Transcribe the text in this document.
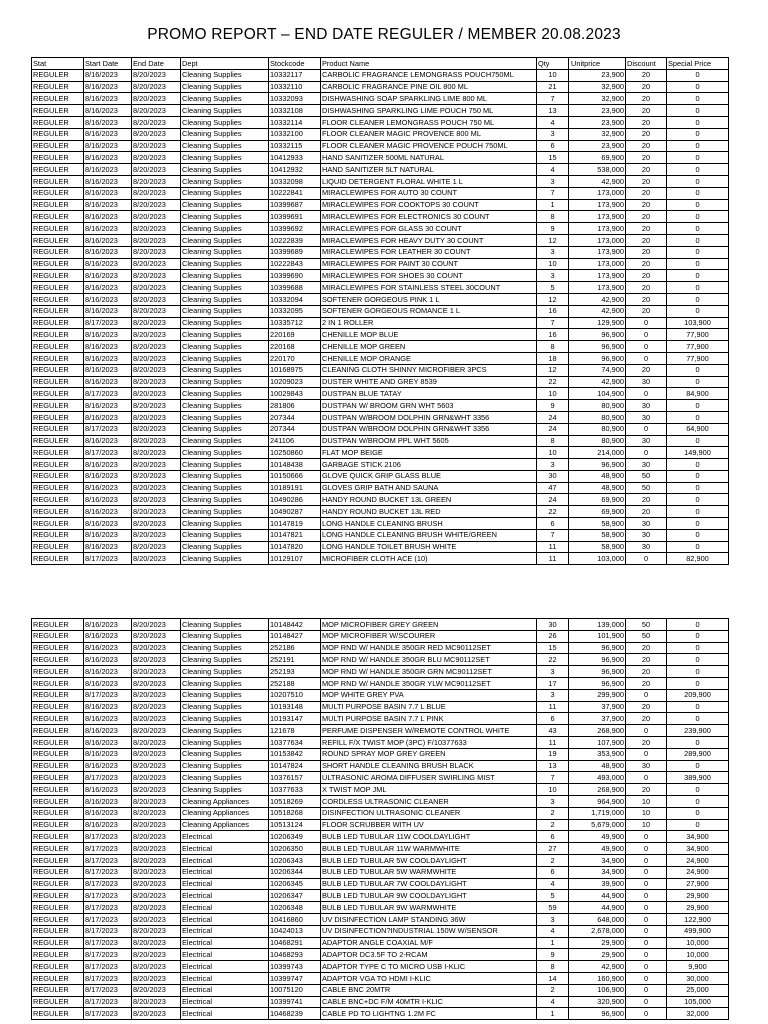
PROMO REPORT – END DATE REGULER / MEMBER 20.08.2023
Stat	Start Date	End Date	Dept	Stockcode	Product Name	Qty	Unitprice	Discount	Special Price
REGULER	8/16/2023	8/20/2023	Cleaning Supplies	10332117	CARBOLIC FRAGRANCE LEMONGRASS POUCH750ML	10	23,900	20	0
REGULER	8/16/2023	8/20/2023	Cleaning Supplies	10332110	CARBOLIC FRAGRANCE PINE OIL 800 ML	21	32,900	20	0
REGULER	8/16/2023	8/20/2023	Cleaning Supplies	10332093	DISHWASHING SOAP SPARKLING LIME 800 ML	7	32,900	20	0
REGULER	8/16/2023	8/20/2023	Cleaning Supplies	10332108	DISHWASHING SPARKLING LIME POUCH 750 ML	13	23,900	20	0
REGULER	8/16/2023	8/20/2023	Cleaning Supplies	10332114	FLOOR CLEANER LEMONGRASS POUCH 750 ML	4	23,900	20	0
REGULER	8/16/2023	8/20/2023	Cleaning Supplies	10332100	FLOOR CLEANER MAGIC PROVENCE 800 ML	3	32,900	20	0
REGULER	8/16/2023	8/20/2023	Cleaning Supplies	10332115	FLOOR CLEANER MAGIC PROVENCE POUCH 750ML	6	23,900	20	0
REGULER	8/16/2023	8/20/2023	Cleaning Supplies	10412933	HAND SANITIZER 500ML NATURAL	15	69,900	20	0
REGULER	8/16/2023	8/20/2023	Cleaning Supplies	10412932	HAND SANITIZER 5LT NATURAL	4	538,000	20	0
REGULER	8/16/2023	8/20/2023	Cleaning Supplies	10332098	LIQUID DETERGENT FLORAL WHITE 1 L	3	42,900	20	0
REGULER	8/16/2023	8/20/2023	Cleaning Supplies	10222841	MIRACLEWIPES FOR AUTO 30 COUNT	7	173,000	20	0
REGULER	8/16/2023	8/20/2023	Cleaning Supplies	10399687	MIRACLEWIPES FOR COOKTOPS 30 COUNT	1	173,900	20	0
REGULER	8/16/2023	8/20/2023	Cleaning Supplies	10399691	MIRACLEWIPES FOR ELECTRONICS 30 COUNT	8	173,900	20	0
REGULER	8/16/2023	8/20/2023	Cleaning Supplies	10399692	MIRACLEWIPES FOR GLASS 30 COUNT	9	173,900	20	0
REGULER	8/16/2023	8/20/2023	Cleaning Supplies	10222839	MIRACLEWIPES FOR HEAVY DUTY 30 COUNT	12	173,000	20	0
REGULER	8/16/2023	8/20/2023	Cleaning Supplies	10399689	MIRACLEWIPES FOR LEATHER 30 COUNT	3	173,900	20	0
REGULER	8/16/2023	8/20/2023	Cleaning Supplies	10222843	MIRACLEWIPES FOR PAINT 30 COUNT	10	173,000	20	0
REGULER	8/16/2023	8/20/2023	Cleaning Supplies	10399690	MIRACLEWIPES FOR SHOES 30 COUNT	3	173,900	20	0
REGULER	8/16/2023	8/20/2023	Cleaning Supplies	10399688	MIRACLEWIPES FOR STAINLESS STEEL 30COUNT	5	173,900	20	0
REGULER	8/16/2023	8/20/2023	Cleaning Supplies	10332094	SOFTENER GORGEOUS PINK 1 L	12	42,900	20	0
REGULER	8/16/2023	8/20/2023	Cleaning Supplies	10332095	SOFTENER GORGEOUS ROMANCE 1 L	16	42,900	20	0
REGULER	8/17/2023	8/20/2023	Cleaning Supplies	10335712	2 IN 1 ROLLER	7	129,900	0	103,900
REGULER	8/16/2023	8/20/2023	Cleaning Supplies	220169	CHENILLE MOP BLUE	16	96,900	0	77,900
REGULER	8/16/2023	8/20/2023	Cleaning Supplies	220168	CHENILLE MOP GREEN	8	96,900	0	77,900
REGULER	8/16/2023	8/20/2023	Cleaning Supplies	220170	CHENILLE MOP ORANGE	18	96,900	0	77,900
REGULER	8/16/2023	8/20/2023	Cleaning Supplies	10168975	CLEANING CLOTH SHINNY MICROFIBER 3PCS	12	74,900	20	0
REGULER	8/16/2023	8/20/2023	Cleaning Supplies	10209023	DUSTER WHITE AND GREY 8539	22	42,900	30	0
REGULER	8/17/2023	8/20/2023	Cleaning Supplies	10029843	DUSTPAN BLUE TATAY	10	104,900	0	84,900
REGULER	8/16/2023	8/20/2023	Cleaning Supplies	281806	DUSTPAN W/ BROOM GRN WHT 5603	9	80,900	30	0
REGULER	8/16/2023	8/20/2023	Cleaning Supplies	207344	DUSTPAN W/BROOM DOLPHIN GRN&WHT 3356	24	80,900	30	0
REGULER	8/17/2023	8/20/2023	Cleaning Supplies	207344	DUSTPAN W/BROOM DOLPHIN GRN&WHT 3356	24	80,900	0	64,900
REGULER	8/16/2023	8/20/2023	Cleaning Supplies	241106	DUSTPAN W/BROOM PPL WHT 5605	8	80,900	30	0
REGULER	8/17/2023	8/20/2023	Cleaning Supplies	10250860	FLAT MOP BEIGE	10	214,000	0	149,900
REGULER	8/16/2023	8/20/2023	Cleaning Supplies	10148438	GARBAGE STICK 2106	3	96,900	30	0
REGULER	8/16/2023	8/20/2023	Cleaning Supplies	10150666	GLOVE QUICK GRIP GLASS BLUE	30	48,900	50	0
REGULER	8/16/2023	8/20/2023	Cleaning Supplies	10189191	GLOVES GRIP BATH AND SAUNA	47	48,900	50	0
REGULER	8/16/2023	8/20/2023	Cleaning Supplies	10490286	HANDY ROUND BUCKET 13L GREEN	24	69,900	20	0
REGULER	8/16/2023	8/20/2023	Cleaning Supplies	10490287	HANDY ROUND BUCKET 13L RED	22	69,900	20	0
REGULER	8/16/2023	8/20/2023	Cleaning Supplies	10147819	LONG HANDLE CLEANING BRUSH	6	58,900	30	0
REGULER	8/16/2023	8/20/2023	Cleaning Supplies	10147821	LONG HANDLE CLEANING BRUSH WHITE/GREEN	7	58,900	30	0
REGULER	8/16/2023	8/20/2023	Cleaning Supplies	10147820	LONG HANDLE TOILET BRUSH WHITE	11	58,900	30	0
REGULER	8/17/2023	8/20/2023	Cleaning Supplies	10129107	MICROFIBER CLOTH ACE (10)	11	103,000	0	82,900
REGULER	8/16/2023	8/20/2023	Cleaning Supplies	10148442	MOP MICROFIBER GREY GREEN	30	139,000	50	0
REGULER	8/16/2023	8/20/2023	Cleaning Supplies	10148427	MOP MICROFIBER W/SCOURER	26	101,900	50	0
REGULER	8/16/2023	8/20/2023	Cleaning Supplies	252186	MOP RND W/ HANDLE 350GR RED MC90112SET	15	96,900	20	0
REGULER	8/16/2023	8/20/2023	Cleaning Supplies	252191	MOP RND W/ HANDLE 350GR BLU MC90112SET	22	96,900	20	0
REGULER	8/16/2023	8/20/2023	Cleaning Supplies	252193	MOP RND W/ HANDLE 350GR GRN MC90112SET	3	96,900	20	0
REGULER	8/16/2023	8/20/2023	Cleaning Supplies	252188	MOP RND W/ HANDLE 350GR YLW MC90112SET	17	96,900	20	0
REGULER	8/17/2023	8/20/2023	Cleaning Supplies	10207510	MOP WHITE GREY PVA	3	299,900	0	209,900
REGULER	8/16/2023	8/20/2023	Cleaning Supplies	10193148	MULTI PURPOSE BASIN 7.7 L BLUE	11	37,900	20	0
REGULER	8/16/2023	8/20/2023	Cleaning Supplies	10193147	MULTI PURPOSE BASIN 7.7 L PINK	6	37,900	20	0
REGULER	8/16/2023	8/20/2023	Cleaning Supplies	121678	PERFUME DISPENSER W/REMOTE CONTROL WHITE	43	268,900	0	239,900
REGULER	8/16/2023	8/20/2023	Cleaning Supplies	10377634	REFILL F/X TWIST MOP (3PC) F/10377633	11	107,900	20	0
REGULER	8/16/2023	8/20/2023	Cleaning Supplies	10153842	ROUND SPRAY MOP GREY GREEN	19	353,900	0	289,900
REGULER	8/16/2023	8/20/2023	Cleaning Supplies	10147824	SHORT HANDLE CLEANING BRUSH BLACK	13	48,900	30	0
REGULER	8/17/2023	8/20/2023	Cleaning Supplies	10376157	ULTRASONIC AROMA DIFFUSER SWIRLING MIST	7	493,000	0	389,900
REGULER	8/16/2023	8/20/2023	Cleaning Supplies	10377633	X TWIST MOP JML	10	268,900	20	0
REGULER	8/16/2023	8/20/2023	Cleaning Appliances	10518269	CORDLESS ULTRASONIC CLEANER	3	964,900	10	0
REGULER	8/16/2023	8/20/2023	Cleaning Appliances	10518268	DISINFECTION ULTRASONIC CLEANER	2	1,719,000	10	0
REGULER	8/16/2023	8/20/2023	Cleaning Appliances	10513124	FLOOR SCRUBBER WITH UV	2	5,679,000	10	0
REGULER	8/17/2023	8/20/2023	Electrical	10206349	BULB LED TUBULAR 11W COOLDAYLIGHT	6	49,900	0	34,900
REGULER	8/17/2023	8/20/2023	Electrical	10206350	BULB LED TUBULAR 11W WARMWHITE	27	49,900	0	34,900
REGULER	8/17/2023	8/20/2023	Electrical	10206343	BULB LED TUBULAR 5W COOLDAYLIGHT	2	34,900	0	24,900
REGULER	8/17/2023	8/20/2023	Electrical	10206344	BULB LED TUBULAR 5W WARMWHITE	6	34,900	0	24,900
REGULER	8/17/2023	8/20/2023	Electrical	10206345	BULB LED TUBULAR 7W COOLDAYLIGHT	4	39,900	0	27,900
REGULER	8/17/2023	8/20/2023	Electrical	10206347	BULB LED TUBULAR 9W COOLDAYLIGHT	5	44,900	0	29,900
REGULER	8/17/2023	8/20/2023	Electrical	10206348	BULB LED TUBULAR 9W WARMWHITE	59	44,900	0	29,900
REGULER	8/17/2023	8/20/2023	Electrical	10416860	UV DISINFECTION LAMP STANDING 36W	3	648,000	0	122,900
REGULER	8/17/2023	8/20/2023	Electrical	10424013	UV DISINFECTION?INDUSTRIAL 150W W/SENSOR	4	2,678,000	0	499,900
REGULER	8/17/2023	8/20/2023	Electrical	10468291	ADAPTOR ANGLE COAXIAL M/F	1	29,900	0	10,000
REGULER	8/17/2023	8/20/2023	Electrical	10468293	ADAPTOR DC3.5F TO 2-RCAM	9	29,900	0	10,000
REGULER	8/17/2023	8/20/2023	Electrical	10399743	ADAPTOR TYPE C TO MICRO USB I-KLIC	8	42,900	0	9,900
REGULER	8/17/2023	8/20/2023	Electrical	10399747	ADAPTOR VGA TO HDMI I-KLIC	14	160,900	0	30,000
REGULER	8/17/2023	8/20/2023	Electrical	10075120	CABLE BNC 20MTR	2	106,900	0	25,000
REGULER	8/17/2023	8/20/2023	Electrical	10399741	CABLE BNC+DC F/M 40MTR I-KLIC	4	320,900	0	105,000
REGULER	8/17/2023	8/20/2023	Electrical	10468239	CABLE PD TO LIGHTNG 1.2M FC	1	96,900	0	32,000
